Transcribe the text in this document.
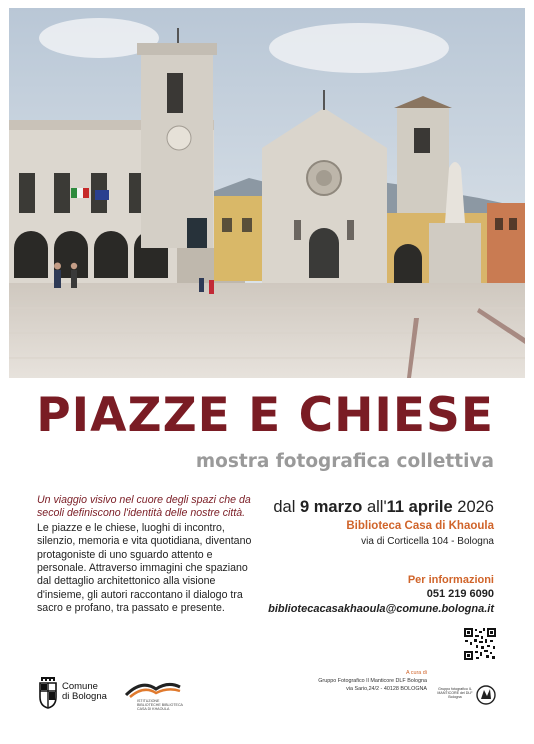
PIAZZE E CHIESE
mostra fotografica collettiva
Un viaggio visivo nel cuore degli spazi che da secoli definiscono l'identità delle nostre città.
Le piazze e le chiese, luoghi di incontro, silenzio, memoria e vita quotidiana, diventano protagoniste di uno sguardo attento e personale. Attraverso immagini che spaziano dal dettaglio architettonico alla visione d'insieme, gli autori raccontano il dialogo tra sacro e profano, tra passato e presente.
dal 9 marzo all'11 aprile 2026
Biblioteca Casa di Khaoula
via di Corticella 104 - Bologna
Per informazioni
051 219 6090
bibliotecacasakhaoula@comune.bologna.it
Comune
di Bologna	ISTITUZIONE BIBLIOTECHE BIBLIOTECA CASA DI KHAOULA
A cura di
Gruppo Fotografico Il Manticore DLF Bologna
via Sario,24/2 - 40128 BOLOGNA	Gruppo fotografico IL MANTICORE del DLF Bologna
